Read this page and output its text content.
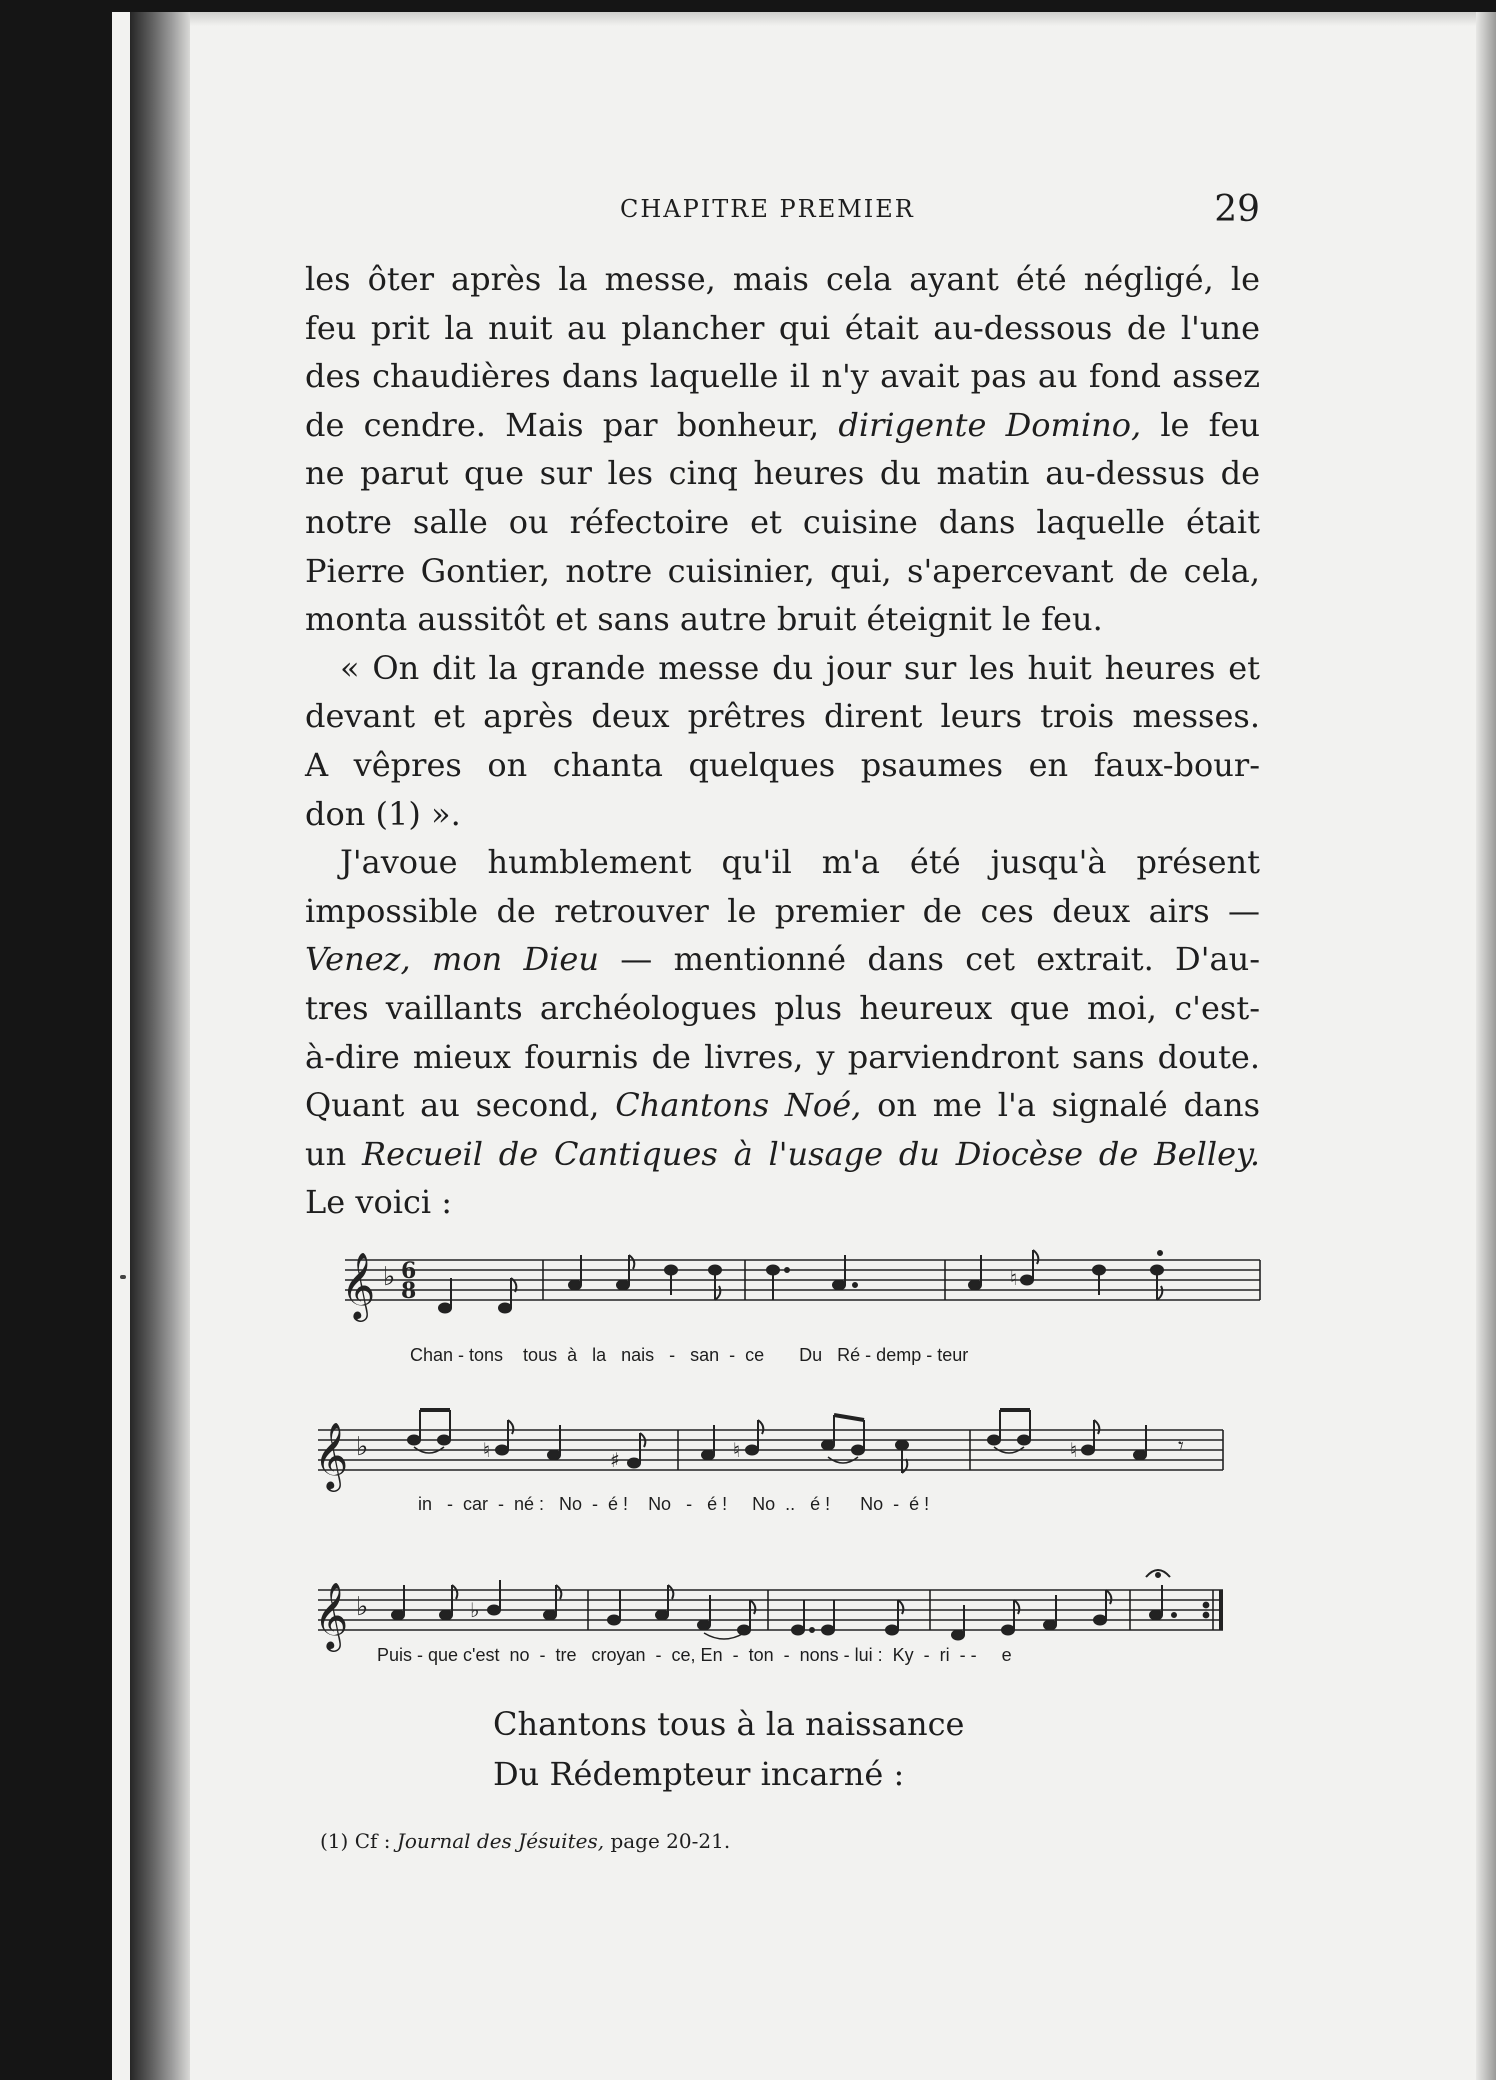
CHAPITRE PREMIER	29

les ôter après la messe, mais cela ayant été négligé, le
feu prit la nuit au plancher qui était au-dessous de l'une
des chaudières dans laquelle il n'y avait pas au fond assez
de cendre. Mais par bonheur, dirigente Domino, le feu
ne parut que sur les cinq heures du matin au-dessus de
notre salle ou réfectoire et cuisine dans laquelle était
Pierre Gontier, notre cuisinier, qui, s'apercevant de cela,
monta aussitôt et sans autre bruit éteignit le feu.

« On dit la grande messe du jour sur les huit heures et
devant et après deux prêtres dirent leurs trois messes.
A vêpres on chanta quelques psaumes en faux-bour-
don (1) ».

J'avoue humblement qu'il m'a été jusqu'à présent
impossible de retrouver le premier de ces deux airs —
Venez, mon Dieu — mentionné dans cet extrait. D'au-
tres vaillants archéologues plus heureux que moi, c'est-
à-dire mieux fournis de livres, y parviendront sans doute.
Quant au second, Chantons Noé, on me l'a signalé dans
un Recueil de Cantiques à l'usage du Diocèse de Belley.
Le voici :

𝄞 ♭ 6
8	♮
Chan - tons    tous  à   la   nais   -   san  -  ce       Du   Ré - demp - teur
𝄞 ♭	♮	♯	♮	♮	𝄾
in   -  car  -  né :   No  -  é !    No   -   é !     No  ..   é !      No  -  é !
𝄞 ♭	♭
Puis - que c'est  no  -  tre   croyan  -  ce, En  -  ton  -  nons - lui :  Ky  -  ri  - -     e
Chantons tous à la naissance
Du Rédempteur incarné :
(1) Cf : Journal des Jésuites, page 20-21.
